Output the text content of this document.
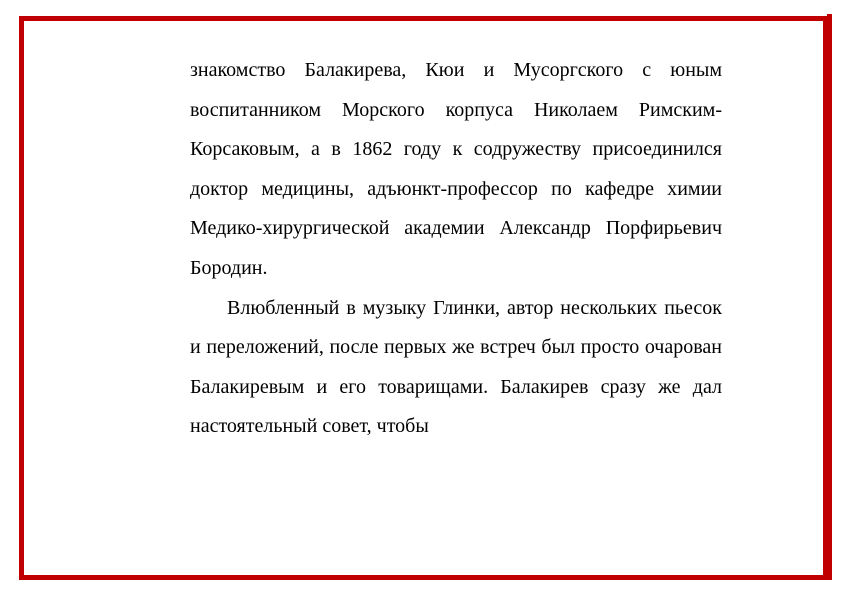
знакомство Балакирева, Кюи и Мусоргского с юным воспитанником Морского корпуса Николаем Римским-Корсаковым, а в 1862 году к содружеству присоединился доктор медицины, адъюнкт-профессор по кафедре химии Медико-хирургической академии Александр Порфирьевич Бородин.

Влюбленный в музыку Глинки, автор нескольких пьесок и переложений, после первых же встреч был просто очарован Балакиревым и его товарищами. Балакирев сразу же дал настоятельный совет, чтобы
